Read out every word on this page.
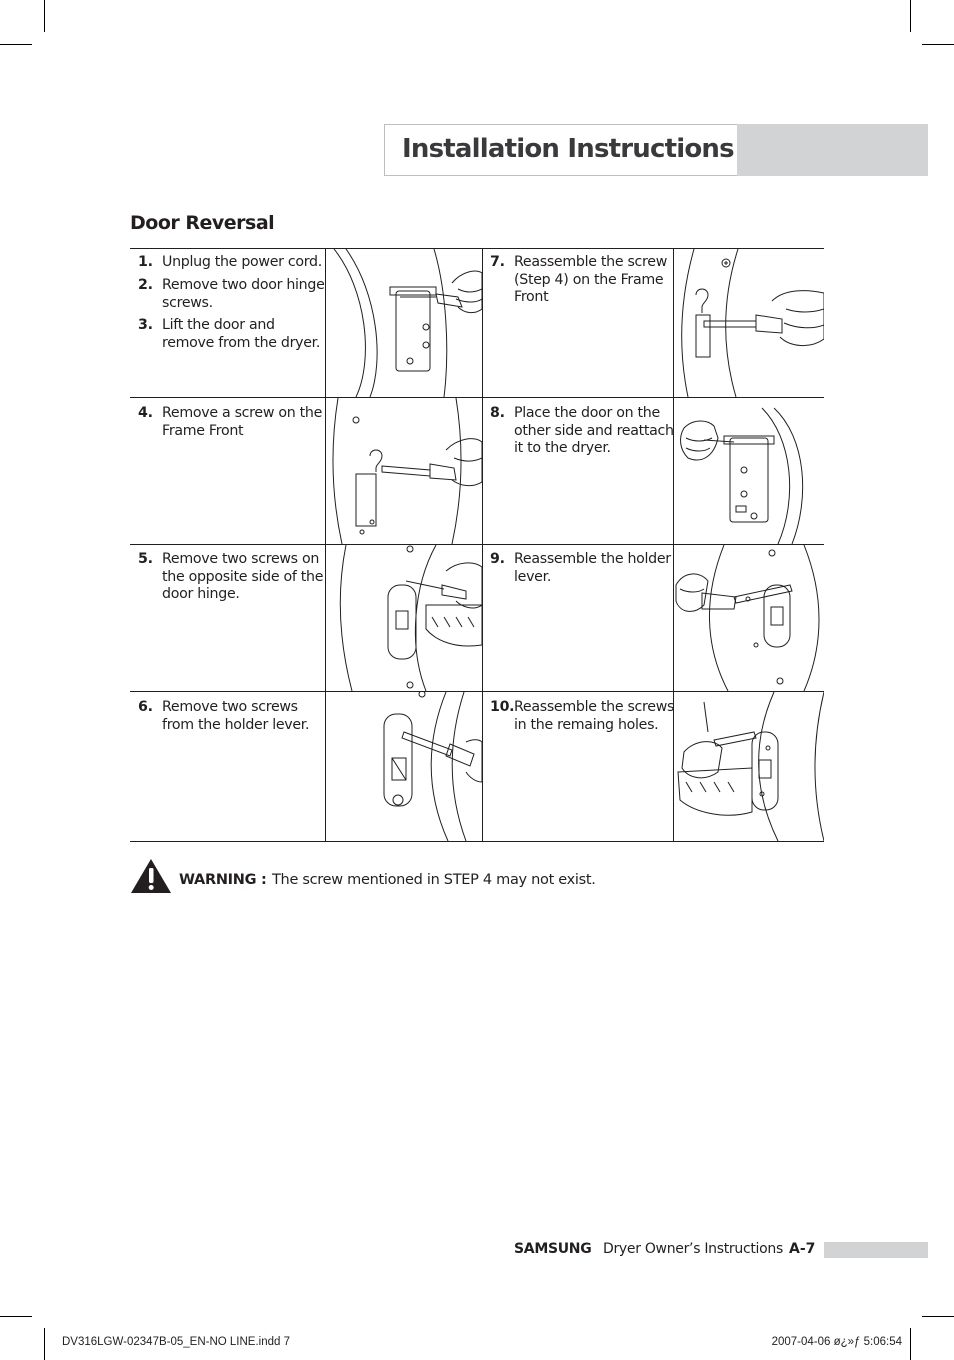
Installation Instructions
Door Reversal
1. Unplug the power cord.
2. Remove two door hinge
screws.
3. Lift the door and
remove from the dryer.
4. Remove a screw on the
Frame Front
5. Remove two screws on
the opposite side of the
door hinge.
6. Remove two screws
from the holder lever.
7. Reassemble the screw
(Step 4) on the Frame
Front
8. Place the door on the
other side and reattach
it to the dryer.
9. Reassemble the holder
lever.
10. Reassemble the screws
in the remaing holes.
WARNING : The screw mentioned in STEP 4 may not exist.
SAMSUNG Dryer Owner’s Instructions A-7
DV316LGW-02347B-05_EN-NO LINE.indd 7	2007-04-06 ø¿»ƒ 5:06:54
